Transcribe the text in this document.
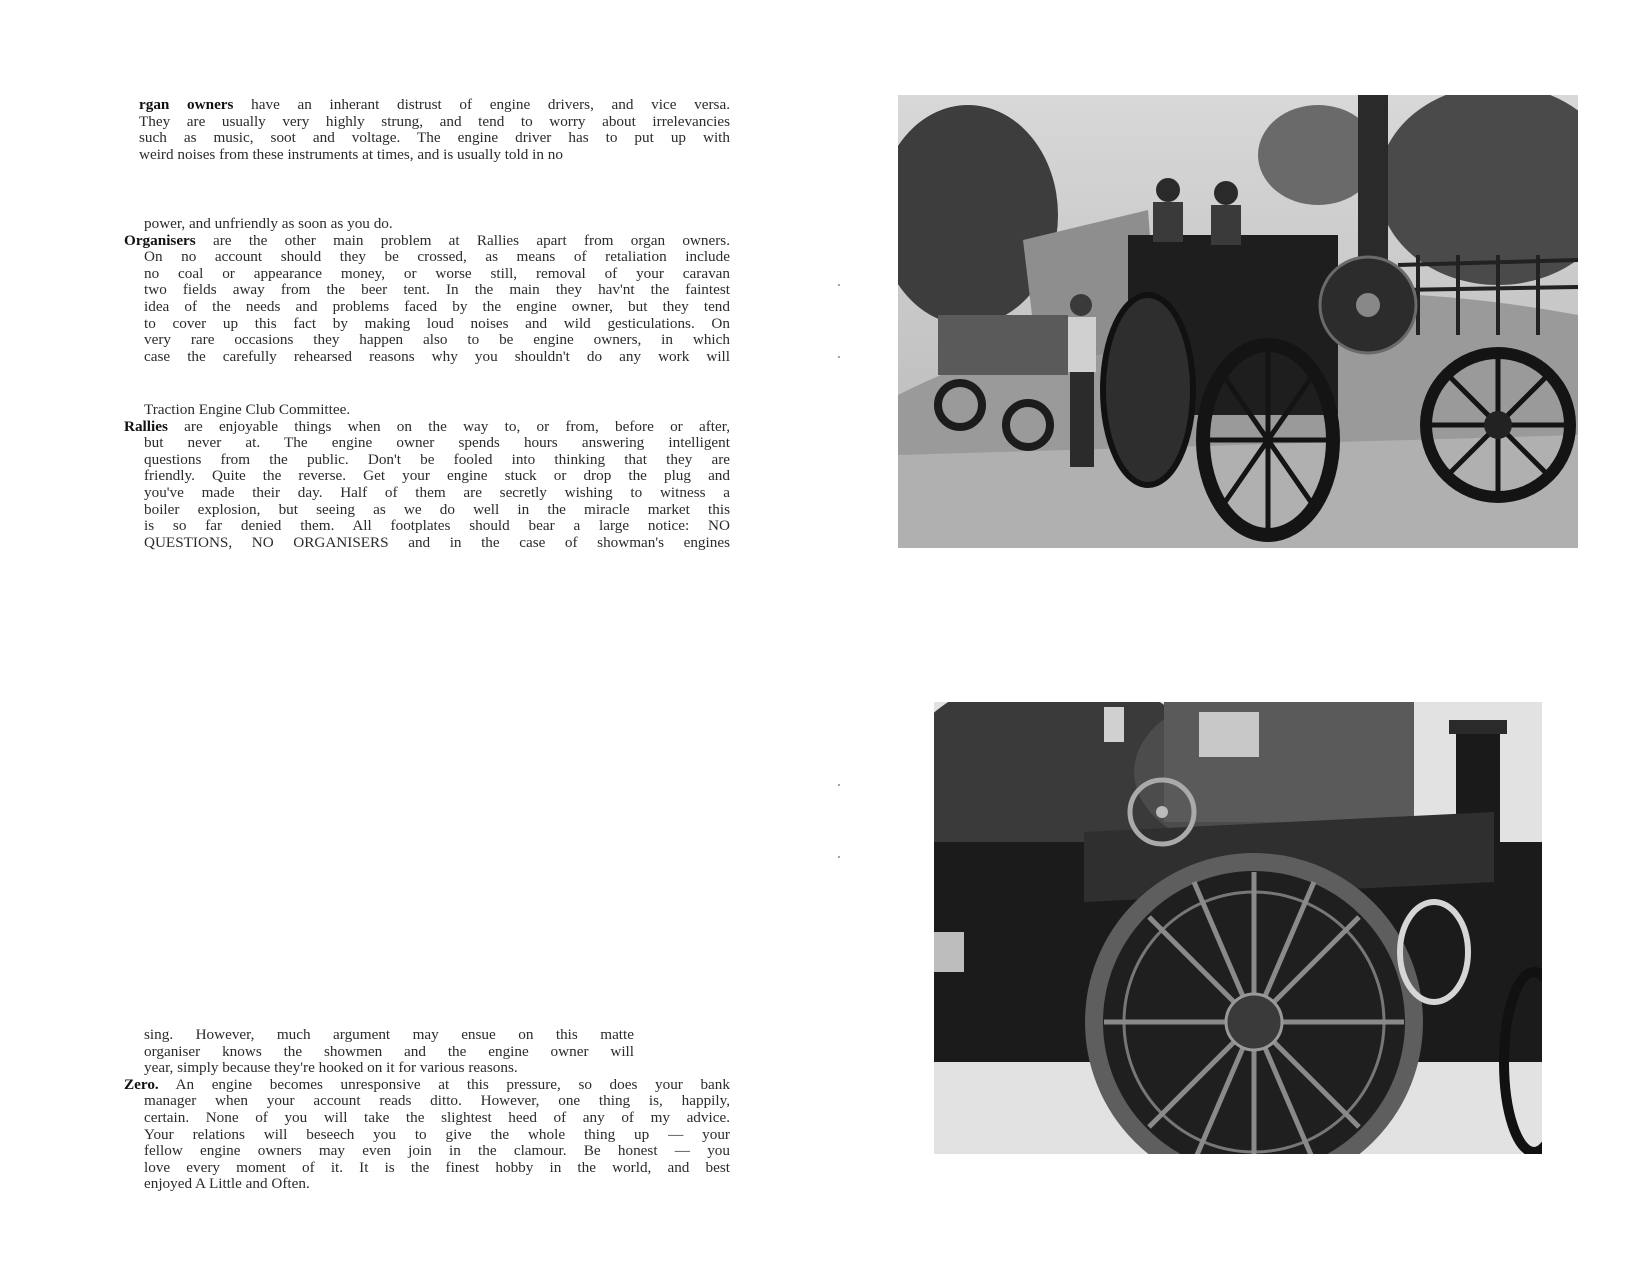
rgan owners have an inherant distrust of engine drivers, and vice versa.
They are usually very highly strung, and tend to worry about irrelevancies
such as music, soot and voltage. The engine driver has to put up with
weird noises from these instruments at times, and is usually told in no
power, and unfriendly as soon as you do.
Organisers are the other main problem at Rallies apart from organ owners.
On no account should they be crossed, as means of retaliation include
no coal or appearance money, or worse still, removal of your caravan
two fields away from the beer tent. In the main they hav'nt the faintest
idea of the needs and problems faced by the engine owner, but they tend
to cover up this fact by making loud noises and wild gesticulations. On
very rare occasions they happen also to be engine owners, in which
case the carefully rehearsed reasons why you shouldn't do any work will
Traction Engine Club Committee.
Rallies are enjoyable things when on the way to, or from, before or after,
but never at. The engine owner spends hours answering intelligent
questions from the public. Don't be fooled into thinking that they are
friendly. Quite the reverse. Get your engine stuck or drop the plug and
you've made their day. Half of them are secretly wishing to witness a
boiler explosion, but seeing as we do well in the miracle market this
is so far denied them. All footplates should bear a large notice: NO
QUESTIONS, NO ORGANISERS and in the case of showman's engines
sing. However, much argument may ensue on this matte
organiser knows the showmen and the engine owner will
year, simply because they're hooked on it for various reasons.
Zero. An engine becomes unresponsive at this pressure, so does your bank
manager when your account reads ditto. However, one thing is, happily,
certain. None of you will take the slightest heed of any of my advice.
Your relations will beseech you to give the whole thing up — your
fellow engine owners may even join in the clamour. Be honest — you
love every moment of it. It is the finest hobby in the world, and best
enjoyed A Little and Often.
